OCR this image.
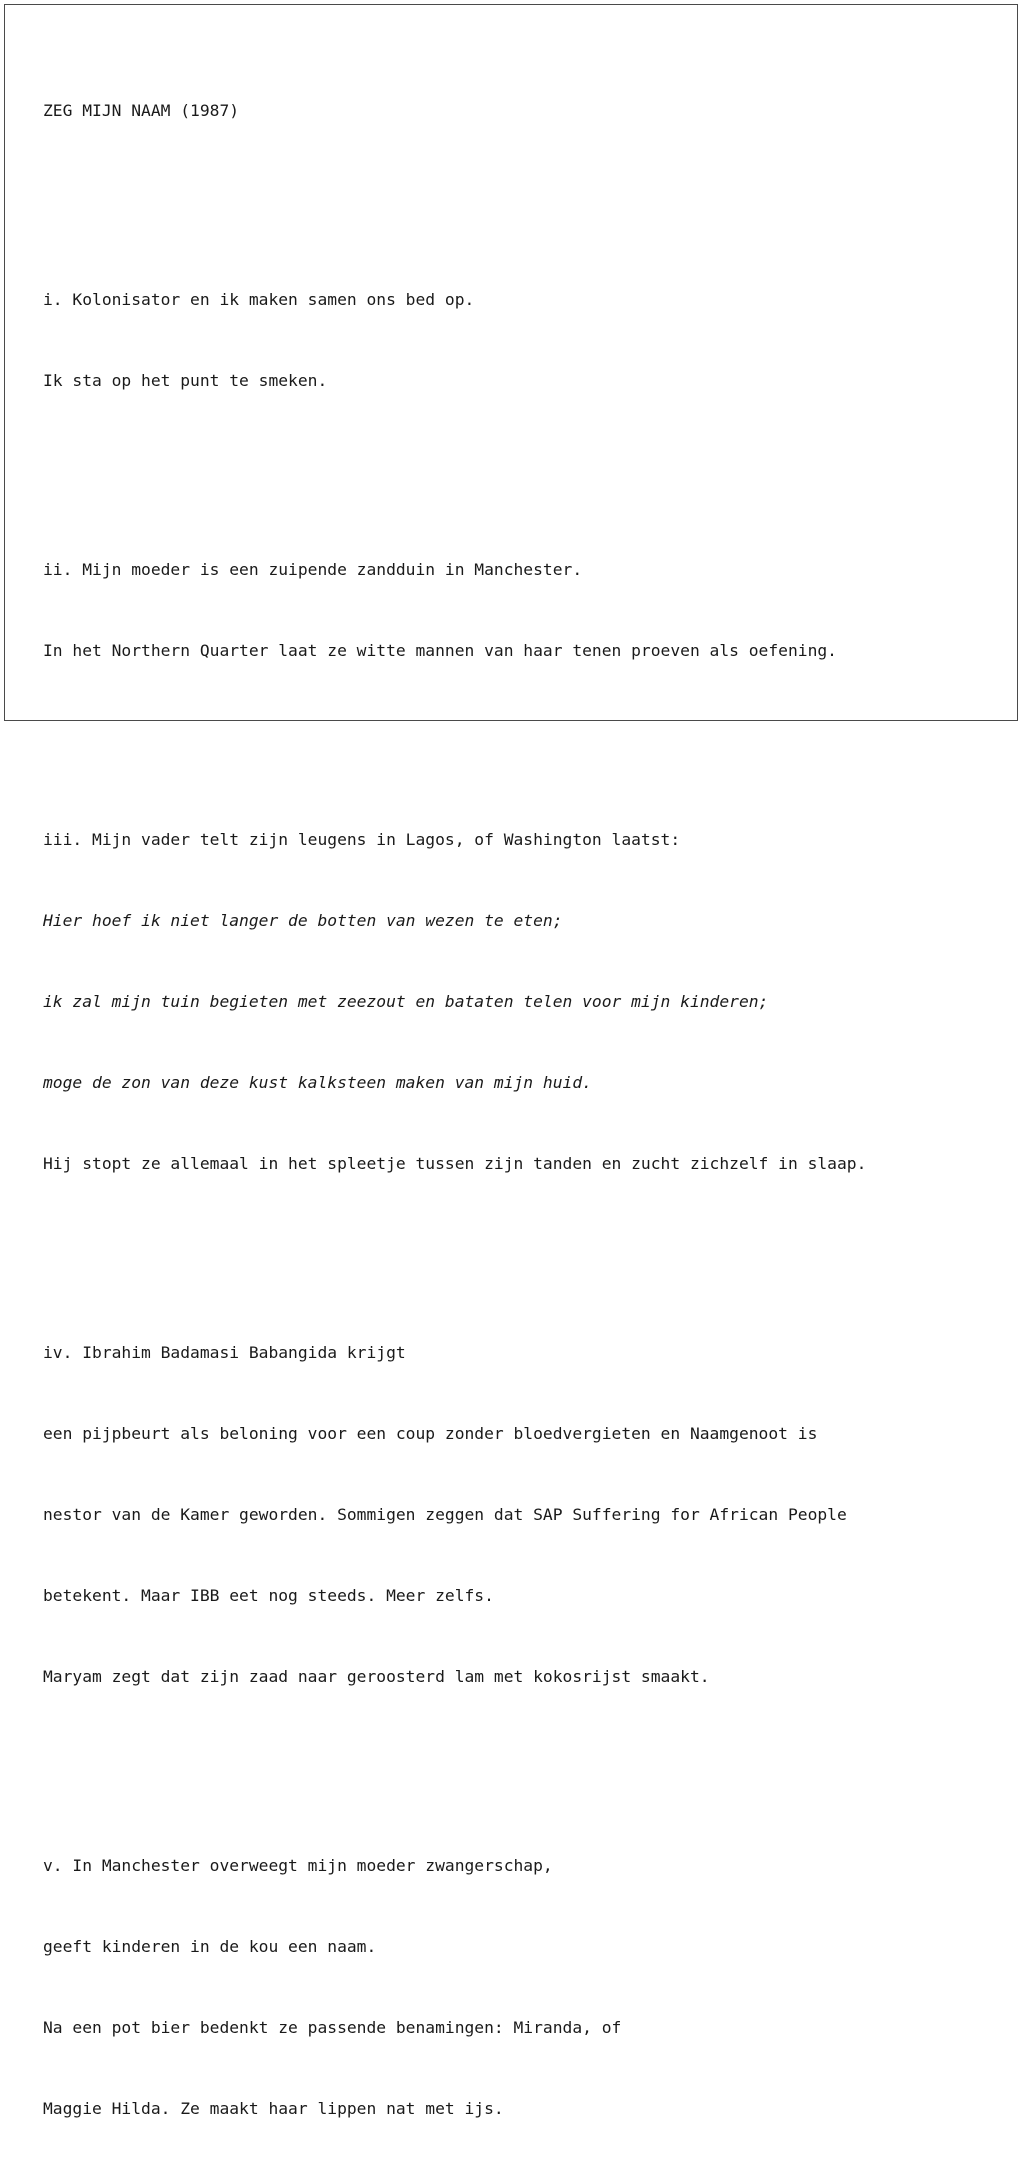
ZEG MIJN NAAM (1987)

i. Kolonisator en ik maken samen ons bed op.

Ik sta op het punt te smeken.

ii. Mijn moeder is een zuipende zandduin in Manchester.

In het Northern Quarter laat ze witte mannen van haar tenen proeven als oefening.

iii. Mijn vader telt zijn leugens in Lagos, of Washington laatst:

Hier hoef ik niet langer de botten van wezen te eten;

ik zal mijn tuin begieten met zeezout en bataten telen voor mijn kinderen;

moge de zon van deze kust kalksteen maken van mijn huid.

Hij stopt ze allemaal in het spleetje tussen zijn tanden en zucht zichzelf in slaap.

iv. Ibrahim Badamasi Babangida krijgt

een pijpbeurt als beloning voor een coup zonder bloedvergieten en Naamgenoot is

nestor van de Kamer geworden. Sommigen zeggen dat SAP Suffering for African People

betekent. Maar IBB eet nog steeds. Meer zelfs.

Maryam zegt dat zijn zaad naar geroosterd lam met kokosrijst smaakt.

v. In Manchester overweegt mijn moeder zwangerschap,

geeft kinderen in de kou een naam.

Na een pot bier bedenkt ze passende benamingen: Miranda, of

Maggie Hilda. Ze maakt haar lippen nat met ijs.
